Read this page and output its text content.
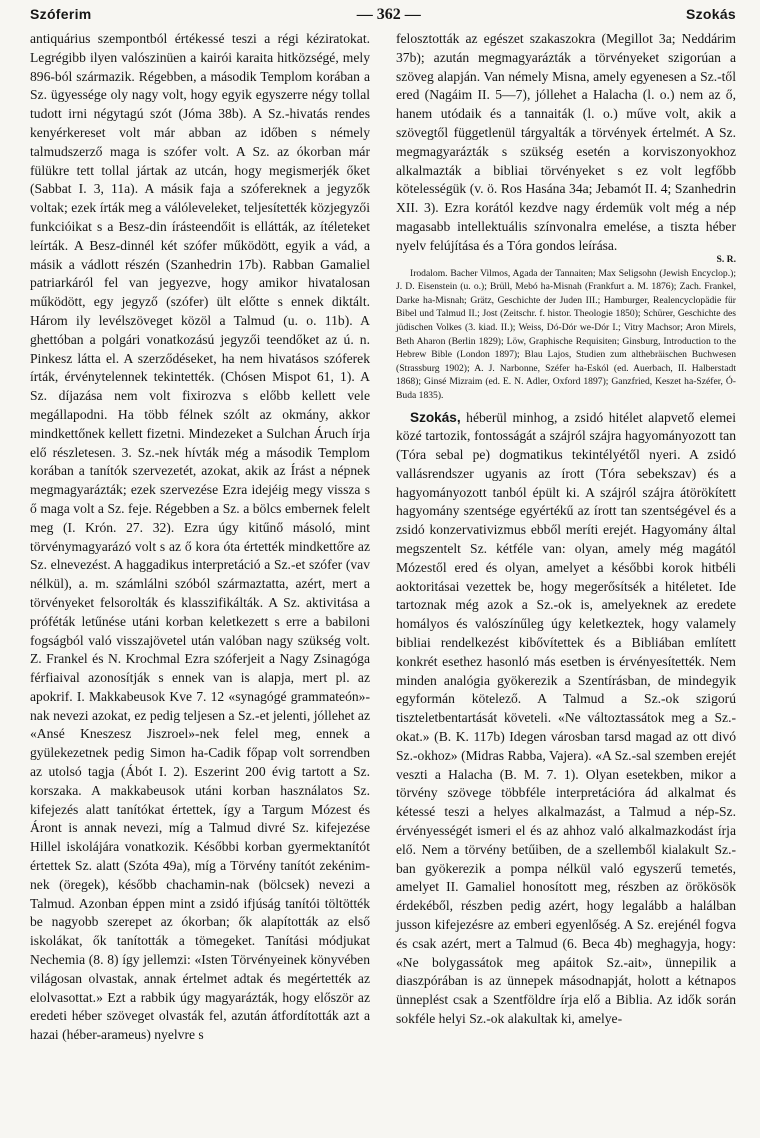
Szóferim	— 362 —	Szokás

antiquárius szempontból értékessé teszi a régi kéziratokat. Legrégibb ilyen valószinüen a kairói karaita hitközségé, mely 896-ból származik. Régebben, a második Templom korában a Sz. ügyessége oly nagy volt, hogy egyik egyszerre négy tollal tudott irni négytagú szót (Jóma 38b). A Sz.-hivatás rendes kenyérkereset volt már abban az időben s némely talmudszerző maga is szófer volt. A Sz. az ókorban már fülükre tett tollal jártak az utcán, hogy megismerjék őket (Sabbat I. 3, 11a). A másik faja a szófereknek a jegyzők voltak; ezek írták meg a válóleveleket, teljesítették közjegyzői funkcióikat s a Besz-din írásteendőit is ellátták, az ítéleteket leírták. A Besz-dinnél két szófer működött, egyik a vád, a másik a vádlott részén (Szanhedrin 17b). Rabban Gamaliel patriarkáról fel van jegyezve, hogy amikor hivatalosan működött, egy jegyző (szófer) ült előtte s ennek diktált. Három ily levélszöveget közöl a Talmud (u. o. 11b). A ghettóban a polgári vonatkozású jegyzői teendőket az ú. n. Pinkesz látta el. A szerződéseket, ha nem hivatásos szóferek írták, érvénytelennek tekintették. (Chósen Mispot 61, 1). A Sz. díjazása nem volt fixirozva s előbb kellett vele megállapodni. Ha több félnek szólt az okmány, akkor mindkettőnek kellett fizetni. Mindezeket a Sulchan Áruch írja elő részletesen. 3. Sz.-nek hívták még a második Templom korában a tanítók szervezetét, azokat, akik az Írást a népnek megmagyarázták; ezek szervezése Ezra idejéig megy vissza s ő maga volt a Sz. feje. Régebben a Sz. a bölcs embernek felelt meg (I. Krón. 27. 32). Ezra úgy kitűnő másoló, mint törvénymagyarázó volt s az ő kora óta értették mindkettőre az Sz. elnevezést. A haggadikus interpretáció a Sz.-et szófer (vav nélkül), a. m. számlálni szóból származtatta, azért, mert a törvényeket felsorolták és klasszifikálták. A Sz. aktivitása a próféták letűnése utáni korban keletkezett s erre a babiloni fogságból való visszajövetel után valóban nagy szükség volt. Z. Frankel és N. Krochmal Ezra szóferjeit a Nagy Zsinagóga férfiaival azonosítják s ennek van is alapja, mert pl. az apokrif. I. Makkabeusok Kve 7. 12 «synagógé grammateón»-nak nevezi azokat, ez pedig teljesen a Sz.-et jelenti, jóllehet az «Ansé Kneszesz Jiszroel»-nek felel meg, ennek a gyülekezetnek pedig Simon ha-Cadik főpap volt sorrendben az utolsó tagja (Ábót I. 2). Eszerint 200 évig tartott a Sz. korszaka. A makkabeusok utáni korban használatos Sz. kifejezés alatt tanítókat értettek, így a Targum Mózest és Áront is annak nevezi, míg a Talmud divré Sz. kifejezése Hillel iskolájára vonatkozik. Későbbi korban gyermektanítót értettek Sz. alatt (Szóta 49a), míg a Törvény tanítót zekénim-nek (öregek), később chachamin-nak (bölcsek) nevezi a Talmud. Azonban éppen mint a zsidó ifjúság tanítói töltötték be nagyobb szerepet az ókorban; ők alapították az első iskolákat, ők tanították a tömegeket. Tanítási módjukat Nechemia (8. 8) így jellemzi: «Isten Törvényeinek könyvében világosan olvastak, annak értelmet adtak és megértették az elolvasottat.» Ezt a rabbik úgy magyarázták, hogy először az eredeti héber szöveget olvasták fel, azután átfordították azt a hazai (héber-arameus) nyelvre s

felosztották az egészet szakaszokra (Megillot 3a; Neddárim 37b); azután megmagyarázták a törvényeket szigorúan a szöveg alapján. Van némely Misna, amely egyenesen a Sz.-től ered (Nagáim II. 5—7), jóllehet a Halacha (l. o.) nem az ő, hanem utódaik és a tannaiták (l. o.) műve volt, akik a szövegtől függetlenül tárgyalták a törvények értelmét. A Sz. megmagyarázták s szükség esetén a korviszonyokhoz alkalmazták a bibliai törvényeket s ez volt legfőbb kötelességük (v. ö. Ros Hasána 34a; Jebamót II. 4; Szanhedrin XII. 3). Ezra korától kezdve nagy érdemük volt még a nép magasabb intellektuális színvonalra emelése, a tiszta héber nyelv felújítása és a Tóra gondos leírása.

S. R.
Irodalom. Bacher Vilmos, Agada der Tannaiten; Max Seligsohn (Jewish Encyclop.); J. D. Eisenstein (u. o.); Brüll, Mebó ha-Misnah (Frankfurt a. M. 1876); Zach. Frankel, Darke ha-Misnah; Grätz, Geschichte der Juden III.; Hamburger, Realencyclopädie für Bibel und Talmud II.; Jost (Zeitschr. f. histor. Theologie 1850); Schürer, Geschichte des jüdischen Volkes (3. kiad. II.); Weiss, Dó-Dór we-Dór I.; Vitry Machsor; Aron Mirels, Beth Aharon (Berlin 1829); Löw, Graphische Requisiten; Ginsburg, Introduction to the Hebrew Bible (London 1897); Blau Lajos, Studien zum althebräischen Buchwesen (Strassburg 1902); A. J. Narbonne, Széfer ha-Eskól (ed. Auerbach, II. Halberstadt 1868); Ginsé Mizraim (ed. E. N. Adler, Oxford 1897); Ganzfried, Keszet ha-Széfer, Ó-Buda 1835).

Szokás, héberül minhog, a zsidó hitélet alapvető elemei közé tartozik, fontosságát a szájról szájra hagyományozott tan (Tóra sebal pe) dogmatikus tekintélyétől nyeri. A zsidó vallásrendszer ugyanis az írott (Tóra sebekszav) és a hagyományozott tanból épült ki. A szájról szájra átörökített hagyomány szentsége egyértékű az írott tan szentségével és a zsidó konzervativizmus ebből meríti erejét. Hagyomány által megszentelt Sz. kétféle van: olyan, amely még magától Mózestől ered és olyan, amelyet a későbbi korok hitbéli aoktoritásai vezettek be, hogy megerősítsék a hitéletet. Ide tartoznak még azok a Sz.-ok is, amelyeknek az eredete homályos és valószínűleg úgy keletkeztek, hogy valamely bibliai rendelkezést kibővítettek és a Bibliában említett konkrét esethez hasonló más esetben is érvényesítették. Nem minden analógia gyökerezik a Szentírásban, de mindegyik egyformán kötelező. A Talmud a Sz.-ok szigorú tiszteletbentartását követeli. «Ne változtassátok meg a Sz.-okat.» (B. K. 117b) Idegen városban tarsd magad az ott divó Sz.-okhoz» (Midras Rabba, Vajera). «A Sz.-sal szemben erejét veszti a Halacha (B. M. 7. 1). Olyan esetekben, mikor a törvény szövege többféle interpretációra ád alkalmat és kétessé teszi a helyes alkalmazást, a Talmud a nép-Sz. érvényességét ismeri el és az ahhoz való alkalmazkodást írja elő. Nem a törvény betűiben, de a szellemből kialakult Sz.-ban gyökerezik a pompa nélkül való egyszerű temetés, amelyet II. Gamaliel honosított meg, részben az örökösök érdekéből, részben pedig azért, hogy legalább a halálban jusson kifejezésre az emberi egyenlőség. A Sz. erejénél fogva és csak azért, mert a Talmud (6. Beca 4b) meghagyja, hogy: «Ne bolygassátok meg apáitok Sz.-ait», ünnepilik a diaszpórában is az ünnepek másodnapját, holott a kétnapos ünneplést csak a Szentföldre írja elő a Biblia. Az idők során sokféle helyi Sz.-ok alakultak ki, amelye-
